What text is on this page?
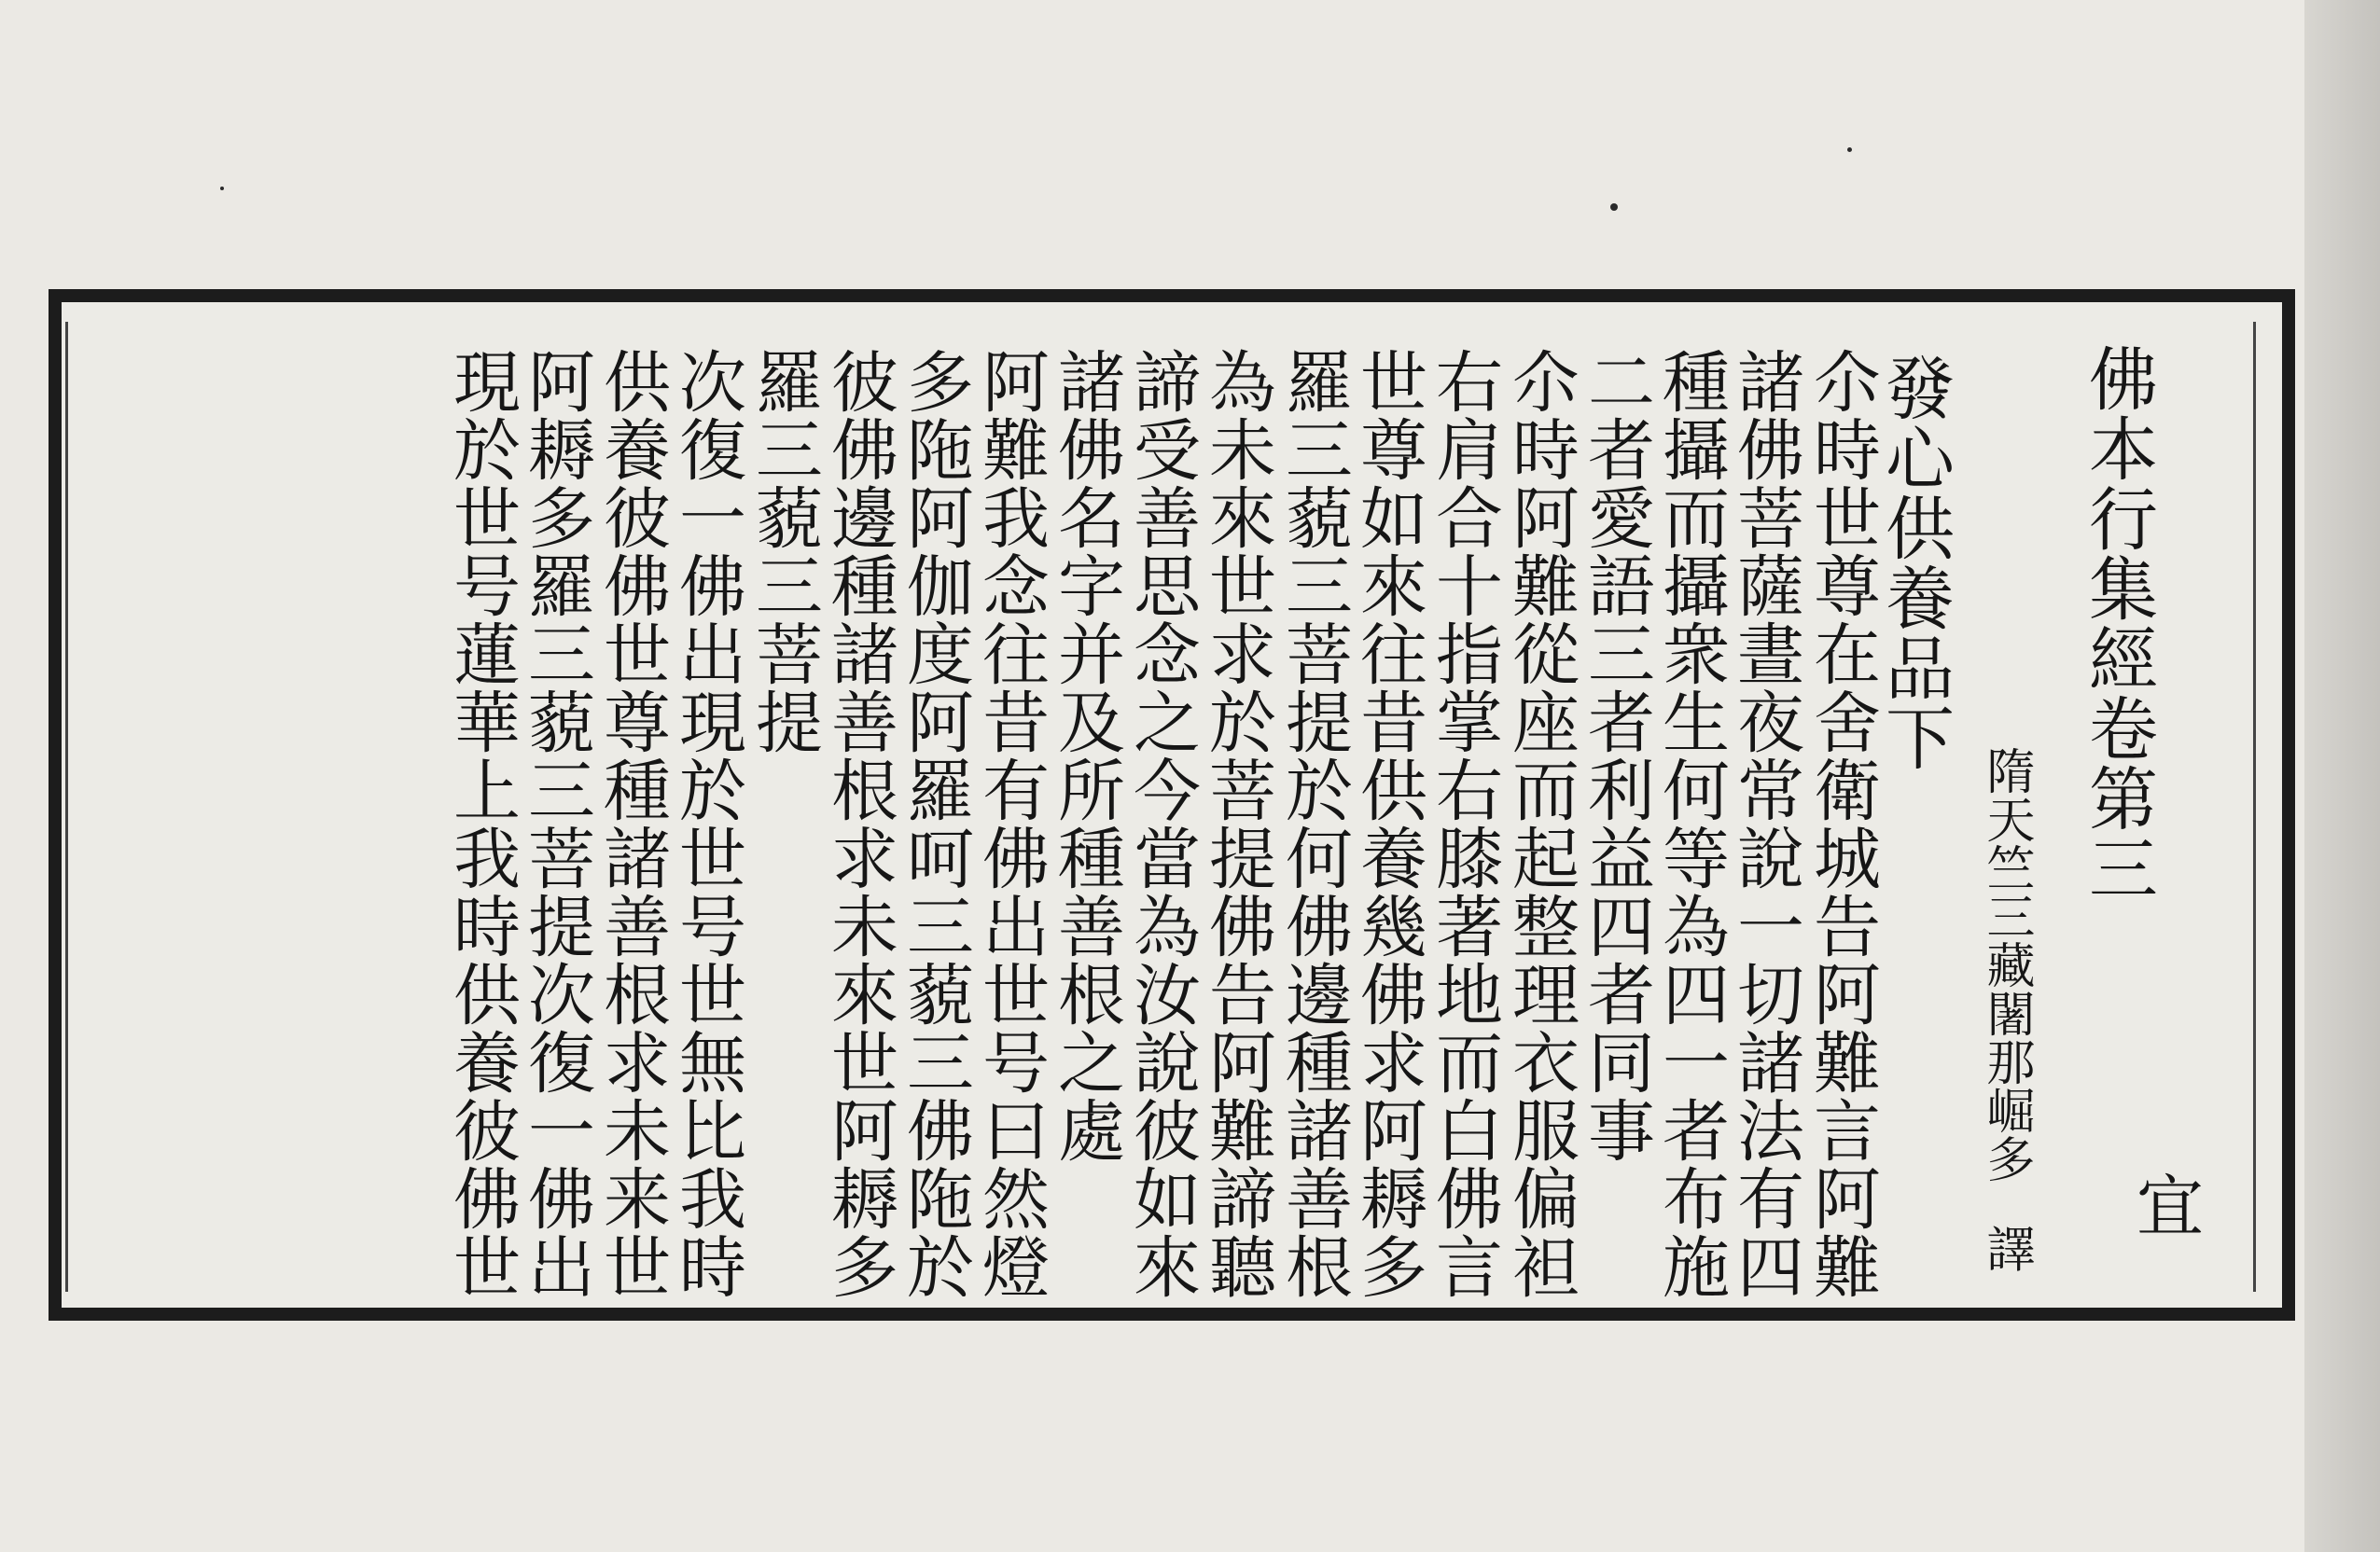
佛本行集經卷第三
宜
隋天竺三藏闍那崛多
譯
發心供養品下
尒時世尊在舍衛城告阿難言阿難
諸佛菩薩晝夜常說一切諸法有四
種攝而攝衆生何等為四一者布施
二者愛語三者利益四者同事
尒時阿難從座而起整理衣服偏袒
右肩合十指掌右膝著地而白佛言
世尊如來往昔供養幾佛求阿耨多
羅三藐三菩提於何佛邊種諸善根
為未來世求於菩提佛告阿難諦聽
諦受善思念之今當為汝說彼如來
諸佛名字并及所種善根之處
阿難我念往昔有佛出世号曰然燈
多陁阿伽度阿羅呵三藐三佛陁於
彼佛邊種諸善根求未來世阿耨多
羅三藐三菩提
次復一佛出現於世号世無比我時
供養彼佛世尊種諸善根求未来世
阿耨多羅三藐三菩提次復一佛出
現於世号蓮華上我時供養彼佛世
